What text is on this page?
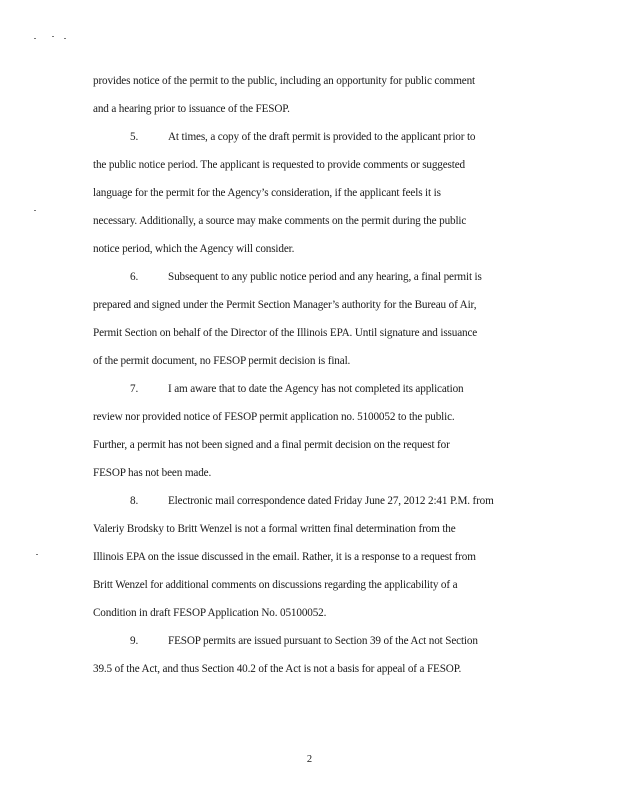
provides notice of the permit to the public, including an opportunity for public comment
and a hearing prior to issuance of the FESOP.
5.	At times, a copy of the draft permit is provided to the applicant prior to
the public notice period. The applicant is requested to provide comments or suggested
language for the permit for the Agency’s consideration, if the applicant feels it is
necessary. Additionally, a source may make comments on the permit during the public
notice period, which the Agency will consider.
6.	Subsequent to any public notice period and any hearing, a final permit is
prepared and signed under the Permit Section Manager’s authority for the Bureau of Air,
Permit Section on behalf of the Director of the Illinois EPA. Until signature and issuance
of the permit document, no FESOP permit decision is final.
7.	I am aware that to date the Agency has not completed its application
review nor provided notice of FESOP permit application no. 5100052 to the public.
Further, a permit has not been signed and a final permit decision on the request for
FESOP has not been made.
8.	Electronic mail correspondence dated Friday June 27, 2012 2:41 P.M. from
Valeriy Brodsky to Britt Wenzel is not a formal written final determination from the
Illinois EPA on the issue discussed in the email. Rather, it is a response to a request from
Britt Wenzel for additional comments on discussions regarding the applicability of a
Condition in draft FESOP Application No. 05100052.
9.	FESOP permits are issued pursuant to Section 39 of the Act not Section
39.5 of the Act, and thus Section 40.2 of the Act is not a basis for appeal of a FESOP.
2
